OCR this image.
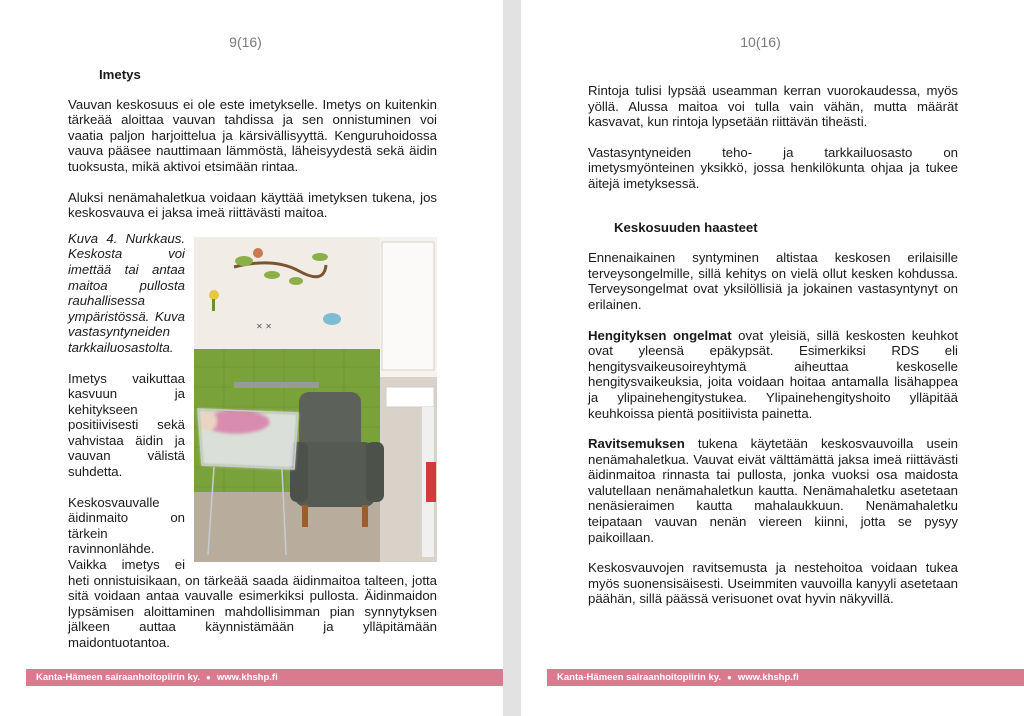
9(16)
Imetys

Vauvan keskosuus ei ole este imetykselle. Imetys on kuitenkin tärkeää aloittaa vauvan tahdissa ja sen onnistuminen voi vaatia paljon harjoittelua ja kärsivällisyyttä. Kenguruhoidossa vauva pääsee nauttimaan lämmöstä, läheisyydestä sekä äidin tuoksusta, mikä aktivoi etsimään rintaa.

Aluksi nenämahaletkua voidaan käyttää imetyksen tukena, jos keskosvauva ei jaksa imeä riittävästi maitoa.

✕ ✕

Kuva 4. Nurkkaus. Keskosta voi imettää tai antaa maitoa pullosta rauhallisessa ympäristössä. Kuva vastasyntyneiden tarkkailuosastolta.

Imetys vaikuttaa kasvuun ja kehitykseen positiivisesti sekä vahvistaa äidin ja vauvan välistä suhdetta.

Keskosvauvalle äidinmaito on tärkein ravinnonlähde. Vaikka imetys ei heti onnistuisikaan, on tärkeää saada äidinmaitoa talteen, jotta sitä voidaan antaa vauvalle esimerkiksi pullosta. Äidinmaidon lypsämisen aloittaminen mahdollisimman pian synnytyksen jälkeen auttaa käynnistämään ja ylläpitämään maidontuotantoa.

Kanta-Hämeen sairaanhoitopiirin ky. ● www.khshp.fi
10(16)

Rintoja tulisi lypsää useamman kerran vuorokaudessa, myös yöllä. Alussa maitoa voi tulla vain vähän, mutta määrät kasvavat, kun rintoja lypsetään riittävän tiheästi.

Vastasyntyneiden teho- ja tarkkailuosasto on imetysmyönteinen yksikkö, jossa henkilökunta ohjaa ja tukee äitejä imetyksessä.

Keskosuuden haasteet

Ennenaikainen syntyminen altistaa keskosen erilaisille terveysongelmille, sillä kehitys on vielä ollut kesken kohdussa. Terveysongelmat ovat yksilöllisiä ja jokainen vastasyntynyt on erilainen.

Hengityksen ongelmat ovat yleisiä, sillä keskosten keuhkot ovat yleensä epäkypsät. Esimerkiksi RDS eli hengitysvaikeusoireyhtymä aiheuttaa keskoselle hengitysvaikeuksia, joita voidaan hoitaa antamalla lisähappea ja ylipainehengitystukea. Ylipainehengityshoito ylläpitää keuhkoissa pientä positiivista painetta.

Ravitsemuksen tukena käytetään keskosvauvoilla usein nenämahaletkua. Vauvat eivät välttämättä jaksa imeä riittävästi äidinmaitoa rinnasta tai pullosta, jonka vuoksi osa maidosta valutellaan nenämahaletkun kautta. Nenämahaletku asetetaan nenäsieraimen kautta mahalaukkuun. Nenämahaletku teipataan vauvan nenän viereen kiinni, jotta se pysyy paikoillaan.

Keskosvauvojen ravitsemusta ja nestehoitoa voidaan tukea myös suonensisäisesti. Useimmiten vauvoilla kanyyli asetetaan päähän, sillä päässä verisuonet ovat hyvin näkyvillä.

Kanta-Hämeen sairaanhoitopiirin ky. ● www.khshp.fi
